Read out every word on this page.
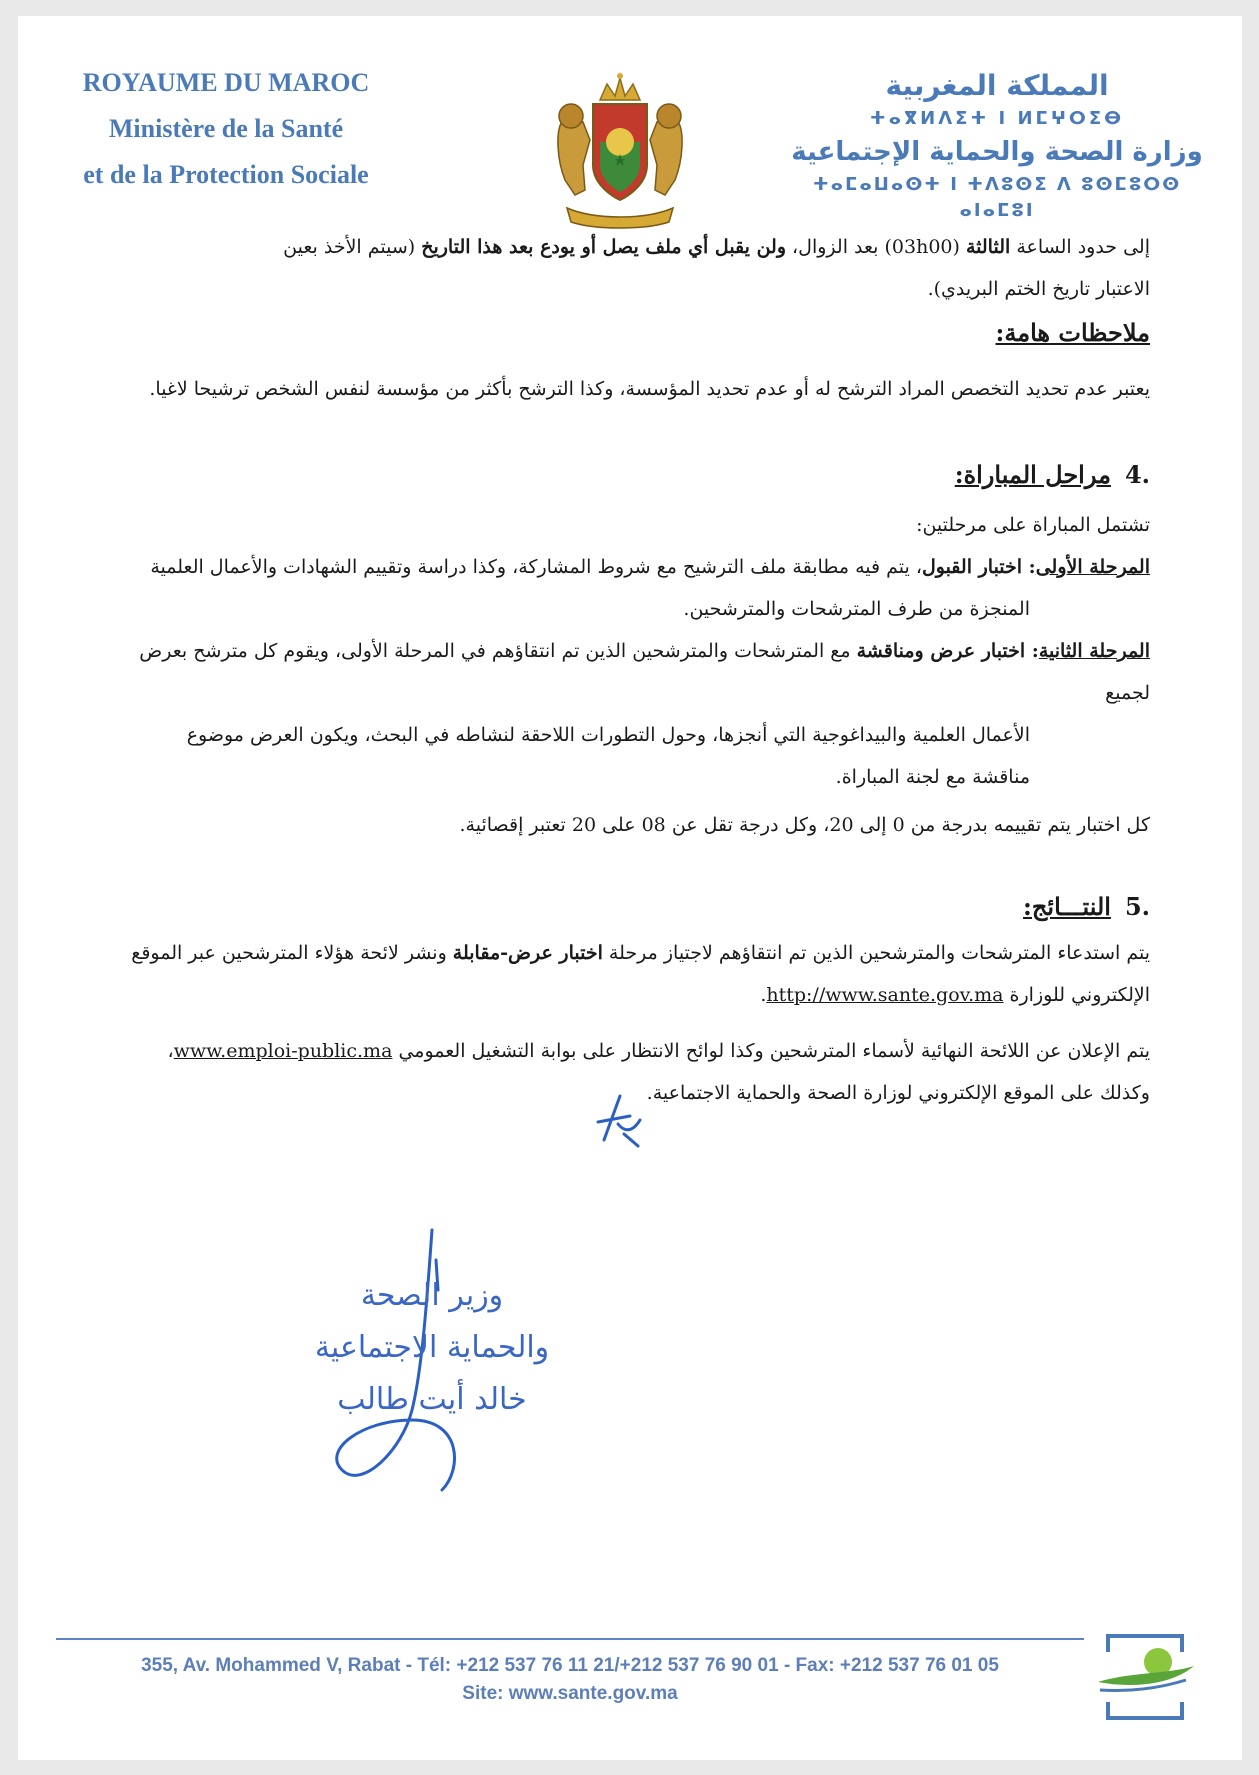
ROYAUME DU MAROC
Ministère de la Santé
et de la Protection Sociale
المملكة المغربية
ⵜⴰⴳⵍⴷⵉⵜ ⵏ ⵍⵎⵖⵔⵉⴱ
وزارة الصحة والحماية الإجتماعية
ⵜⴰⵎⴰⵡⴰⵙⵜ ⵏ ⵜⴷⵓⵙⵉ ⴷ ⵓⵙⵎⵓⵔⵙ ⴰⵏⴰⵎⵓⵏ

إلى حدود الساعة الثالثة (03h00) بعد الزوال، ولن يقبل أي ملف يصل أو يودع بعد هذا التاريخ (سيتم الأخذ بعين
الاعتبار تاريخ الختم البريدي).

ملاحظات هامة:

يعتبر عدم تحديد التخصص المراد الترشح له أو عدم تحديد المؤسسة، وكذا الترشح بأكثر من مؤسسة لنفس الشخص ترشيحا لاغيا.

4.مراحل المباراة:

تشتمل المباراة على مرحلتين:

المرحلة الأولى: اختبار القبول، يتم فيه مطابقة ملف الترشيح مع شروط المشاركة، وكذا دراسة وتقييم الشهادات والأعمال العلمية
المنجزة من طرف المترشحات والمترشحين.

المرحلة الثانية: اختبار عرض ومناقشة مع المترشحات والمترشحين الذين تم انتقاؤهم في المرحلة الأولى، ويقوم كل مترشح بعرض لجميع
الأعمال العلمية والبيداغوجية التي أنجزها، وحول التطورات اللاحقة لنشاطه في البحث، ويكون العرض موضوع
مناقشة مع لجنة المباراة.

كل اختبار يتم تقييمه بدرجة من 0 إلى 20، وكل درجة تقل عن 08 على 20 تعتبر إقصائية.

5.النتـــائج:

يتم استدعاء المترشحات والمترشحين الذين تم انتقاؤهم لاجتياز مرحلة اختبار عرض-مقابلة ونشر لائحة هؤلاء المترشحين عبر الموقع
الإلكتروني للوزارة http://www.sante.gov.ma.

يتم الإعلان عن اللائحة النهائية لأسماء المترشحين وكذا لوائح الانتظار على بوابة التشغيل العمومي www.emploi-public.ma،
وكذلك على الموقع الإلكتروني لوزارة الصحة والحماية الاجتماعية.

وزير الصحة
والحماية الاجتماعية
خالد أيت طالب
355, Av. Mohammed V, Rabat - Tél: +212 537 76 11 21/+212 537 76 90 01 - Fax: +212 537 76 01 05
Site: www.sante.gov.ma
